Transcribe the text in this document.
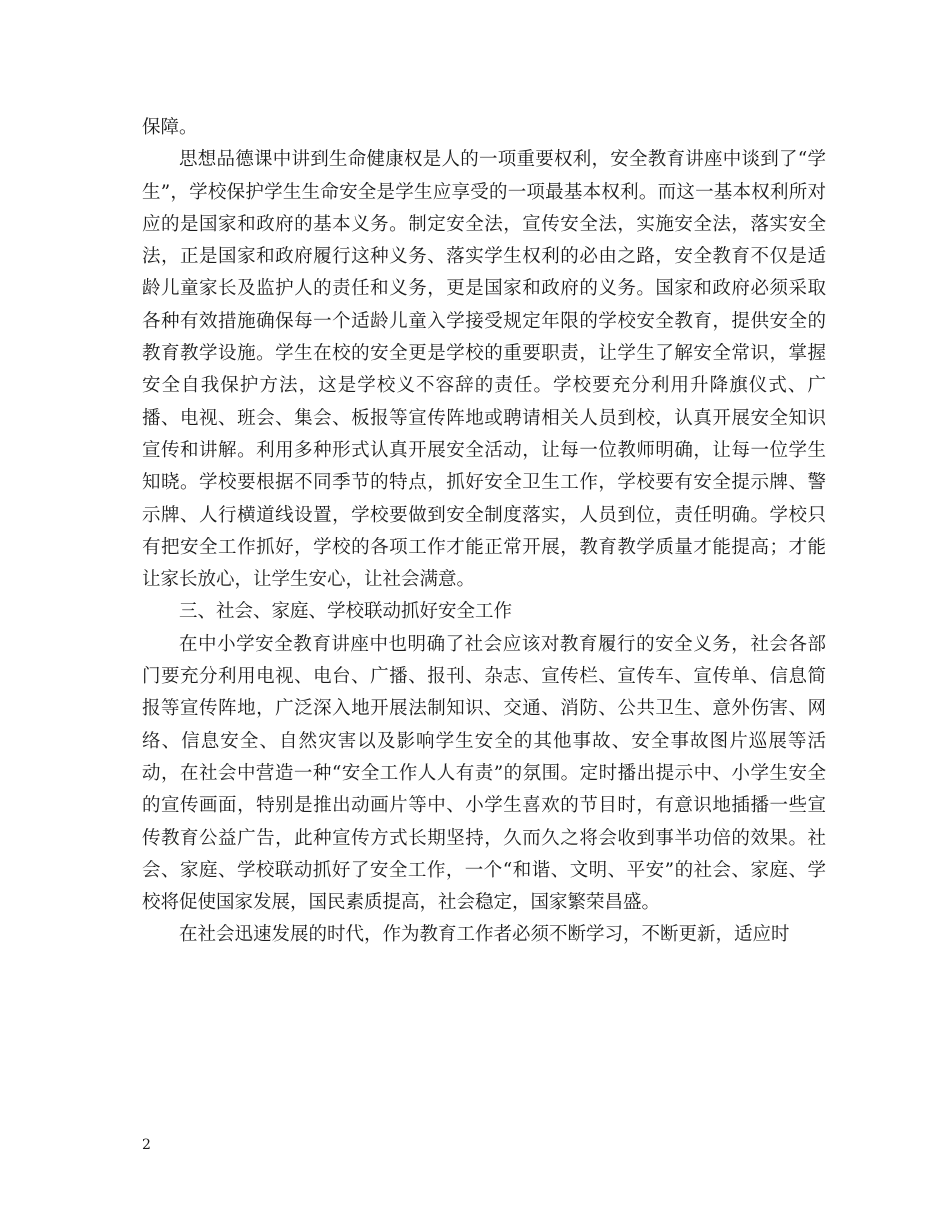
保障。

思想品德课中讲到生命健康权是人的一项重要权利，安全教育讲座中谈到了“学生”，学校保护学生生命安全是学生应享受的一项最基本权利。而这一基本权利所对应的是国家和政府的基本义务。制定安全法，宣传安全法，实施安全法，落实安全法，正是国家和政府履行这种义务、落实学生权利的必由之路，安全教育不仅是适龄儿童家长及监护人的责任和义务，更是国家和政府的义务。国家和政府必须采取各种有效措施确保每一个适龄儿童入学接受规定年限的学校安全教育，提供安全的教育教学设施。学生在校的安全更是学校的重要职责，让学生了解安全常识，掌握安全自我保护方法，这是学校义不容辞的责任。学校要充分利用升降旗仪式、广播、电视、班会、集会、板报等宣传阵地或聘请相关人员到校，认真开展安全知识宣传和讲解。利用多种形式认真开展安全活动，让每一位教师明确，让每一位学生知晓。学校要根据不同季节的特点，抓好安全卫生工作，学校要有安全提示牌、警示牌、人行横道线设置，学校要做到安全制度落实，人员到位，责任明确。学校只有把安全工作抓好，学校的各项工作才能正常开展，教育教学质量才能提高；才能让家长放心，让学生安心，让社会满意。

三、社会、家庭、学校联动抓好安全工作

在中小学安全教育讲座中也明确了社会应该对教育履行的安全义务，社会各部门要充分利用电视、电台、广播、报刊、杂志、宣传栏、宣传车、宣传单、信息简报等宣传阵地，广泛深入地开展法制知识、交通、消防、公共卫生、意外伤害、网络、信息安全、自然灾害以及影响学生安全的其他事故、安全事故图片巡展等活动，在社会中营造一种“安全工作人人有责”的氛围。定时播出提示中、小学生安全的宣传画面，特别是推出动画片等中、小学生喜欢的节目时，有意识地插播一些宣传教育公益广告，此种宣传方式长期坚持，久而久之将会收到事半功倍的效果。社会、家庭、学校联动抓好了安全工作，一个“和谐、文明、平安”的社会、家庭、学校将促使国家发展，国民素质提高，社会稳定，国家繁荣昌盛。

在社会迅速发展的时代，作为教育工作者必须不断学习，不断更新，适应时

2
